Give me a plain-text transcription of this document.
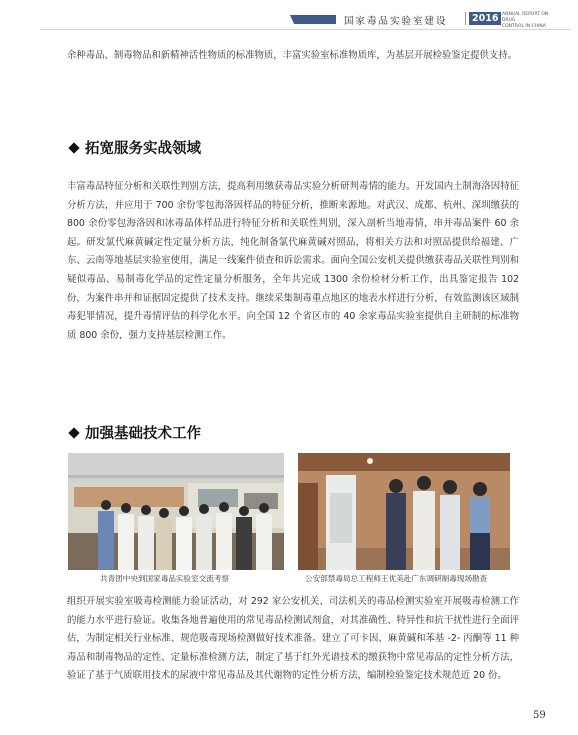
国家毒品实验室建设	2016 ANNUAL REPORT ON DRUG
CONTROL IN CHINA

余种毒品、制毒物品和新精神活性物质的标准物质，丰富实验室标准物质库，为基层开展检验鉴定提供支持。

拓宽服务实战领域

丰富毒品特征分析和关联性判别方法，提高利用缴获毒品实验分析研判毒情的能力。开发国内土制海洛因特征分析方法，并应用于 700 余份零包海洛因样品的特征分析，推断来源地。对武汉、成都、杭州、深圳缴获的 800 余份零包海洛因和冰毒晶体样品进行特征分析和关联性判别，深入剖析当地毒情，串并毒品案件 60 余起。研发氯代麻黄碱定性定量分析方法，纯化制备氯代麻黄碱对照品，将相关方法和对照品提供给福建、广东、云南等地基层实验室使用，满足一线案件侦查和诉讼需求。面向全国公安机关提供缴获毒品关联性判别和疑似毒品、易制毒化学品的定性定量分析服务，全年共完成 1300 余份检材分析工作，出具鉴定报告 102 份，为案件串并和证据固定提供了技术支持。继续采集制毒重点地区的地表水样进行分析，有效监测该区域制毒犯罪情况，提升毒情评估的科学化水平。向全国 12 个省区市的 40 余家毒品实验室提供自主研制的标准物质 800 余份，强力支持基层检测工作。

加强基础技术工作
共青团中央到国家毒品实验室交流考察	公安部禁毒局总工程师王优美赴广东调研制毒现场勘查

组织开展实验室吸毒检测能力验证活动，对 292 家公安机关、司法机关的毒品检测实验室开展吸毒检测工作的能力水平进行验证。收集各地普遍使用的常见毒品检测试剂盒，对其准确性、特异性和抗干扰性进行全面评估，为制定相关行业标准、规范吸毒现场检测做好技术准备。建立了可卡因、麻黄碱和苯基 -2- 丙酮等 11 种毒品和制毒物品的定性、定量标准检测方法，制定了基于红外光谱技术的缴获物中常见毒品的定性分析方法，验证了基于气质联用技术的尿液中常见毒品及其代谢物的定性分析方法，编制检验鉴定技术规范近 20 份。

59
